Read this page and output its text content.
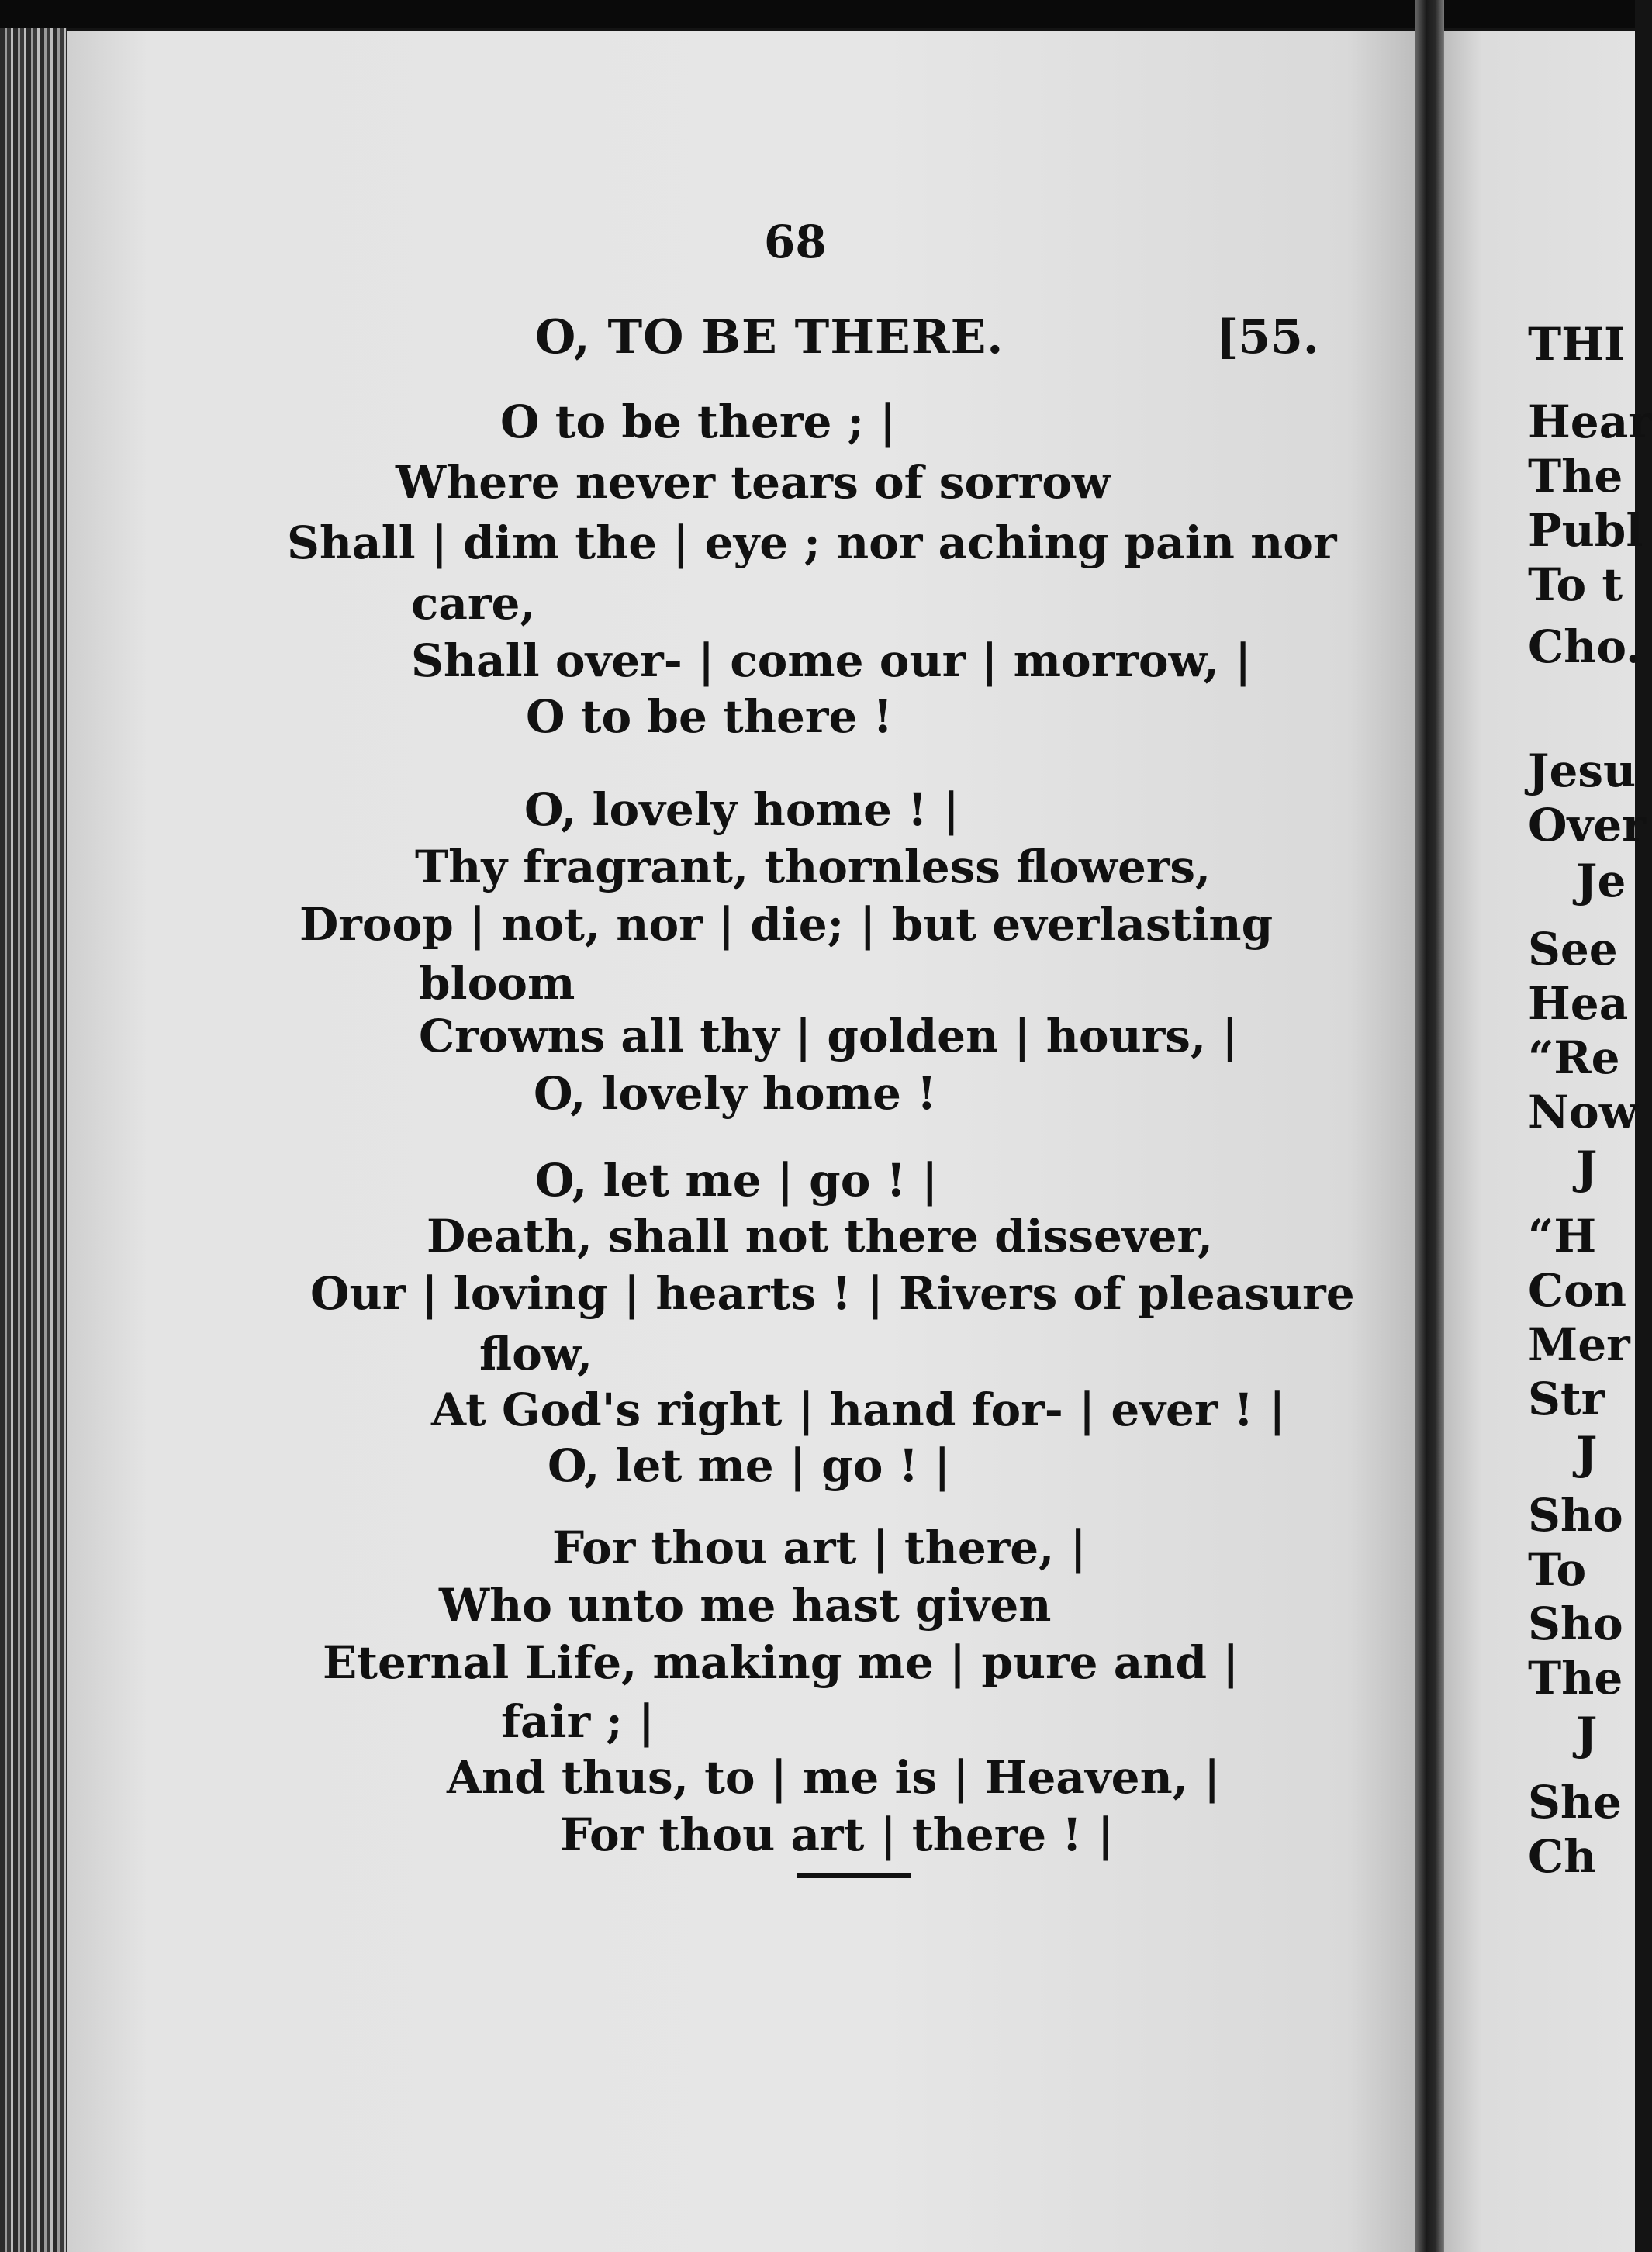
68
O, TO BE THERE.	[55.
O to be there ; |
Where never tears of sorrow
Shall | dim the | eye ; nor aching pain nor
care,
Shall over- | come our | morrow, |
O to be there !
O, lovely home ! |
Thy fragrant, thornless flowers,
Droop | not, nor | die; | but everlasting
bloom
Crowns all thy | golden | hours, |
O, lovely home !
O, let me | go ! |
Death, shall not there dissever,
Our | loving | hearts ! | Rivers of pleasure
flow,
At God's right | hand for- | ever ! |
O, let me | go ! |
For thou art | there, |
Who unto me hast given
Eternal Life, making me | pure and |
fair ; |
And thus, to | me is | Heaven, |
For thou art | there ! |
THI
Hear
The
Publ
To t
Cho.
Jesu
Over
Je
See
Hea
“Re
Now
J
“H
Con
Mer
Str
J
Sho
To
Sho
The
J
She
Ch
